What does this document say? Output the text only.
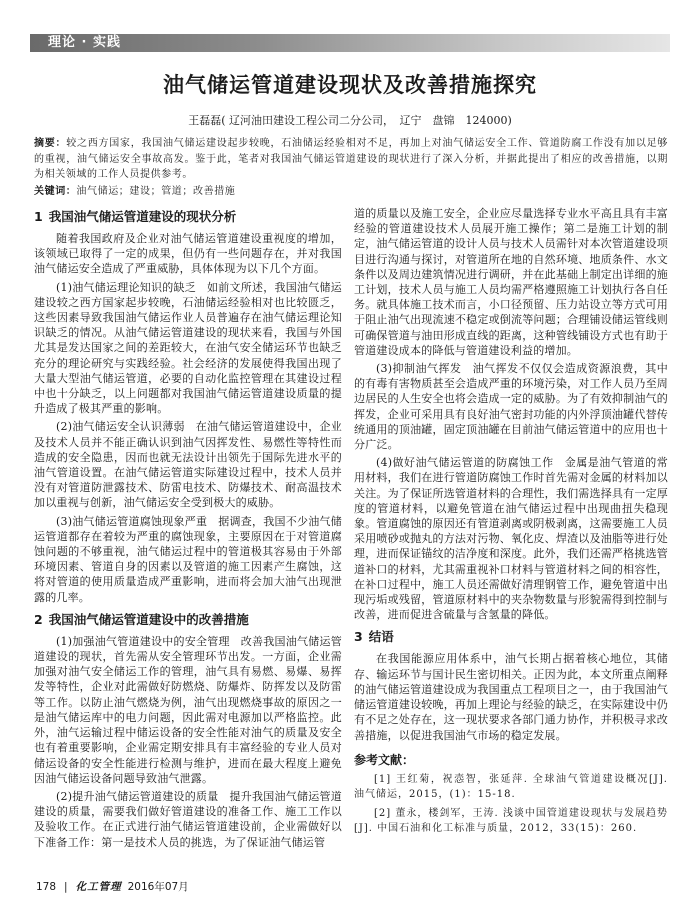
理论 · 实践
油气储运管道建设现状及改善措施探究
王磊磊( 辽河油田建设工程公司二分公司，　辽宁　盘锦　124000)

摘要：较之西方国家，我国油气储运建设起步较晚，石油储运经验相对不足，再加上对油气储运安全工作、管道防腐工作没有加以足够的重视，油气储运安全事故高发。鉴于此，笔者对我国油气储运管道建设的现状进行了深入分析，并据此提出了相应的改善措施，以期为相关领域的工作人员提供参考。

关键词：油气储运；建设；管道；改善措施

1 我国油气储运管道建设的现状分析

随着我国政府及企业对油气储运管道建设重视度的增加，该领域已取得了一定的成果，但仍有一些问题存在，并对我国油气储运安全造成了严重威胁，具体体现为以下几个方面。

(1)油气储运理论知识的缺乏 如前文所述，我国油气储运建设较之西方国家起步较晚，石油储运经验相对也比较匮乏，这些因素导致我国油气储运作业人员普遍存在油气储运理论知识缺乏的情况。从油气储运管道建设的现状来看，我国与外国尤其是发达国家之间的差距较大，在油气安全储运环节也缺乏充分的理论研究与实践经验。社会经济的发展使得我国出现了大量大型油气储运管道，必要的自动化监控管理在其建设过程中也十分缺乏，以上问题都对我国油气储运管道建设质量的提升造成了极其严重的影响。

(2)油气储运安全认识薄弱 在油气储运管道建设中，企业及技术人员并不能正确认识到油气因挥发性、易燃性等特性而造成的安全隐患，因而也就无法设计出领先于国际先进水平的油气管道设置。在油气储运管道实际建设过程中，技术人员并没有对管道防泄露技术、防雷电技术、防爆技术、耐高温技术加以重视与创新，油气储运安全受到极大的威胁。

(3)油气储运管道腐蚀现象严重 据调查，我国不少油气储运管道都存在着较为严重的腐蚀现象，主要原因在于对管道腐蚀问题的不够重视，油气储运过程中的管道极其容易由于外部环境因素、管道自身的因素以及管道的施工因素产生腐蚀，这将对管道的使用质量造成严重影响，进而将会加大油气出现泄露的几率。

2 我国油气储运管道建设中的改善措施

(1)加强油气管道建设中的安全管理 改善我国油气储运管道建设的现状，首先需从安全管理环节出发。一方面，企业需加强对油气安全储运工作的管理，油气具有易燃、易爆、易挥发等特性，企业对此需做好防燃烧、防爆炸、防挥发以及防雷等工作。以防止油气燃烧为例，油气出现燃烧事故的原因之一是油气储运库中的电力问题，因此需对电源加以严格监控。此外，油气运输过程中储运设备的安全性能对油气的质量及安全也有着重要影响，企业需定期安排具有丰富经验的专业人员对储运设备的安全性能进行检测与维护，进而在最大程度上避免因油气储运设备问题导致油气泄露。

(2)提升油气储运管道建设的质量 提升我国油气储运管道建设的质量，需要我们做好管道建设的准备工作、施工工作以及验收工作。在正式进行油气储运管道建设前，企业需做好以下准备工作：第一是技术人员的挑选，为了保证油气储运管

道的质量以及施工安全，企业应尽量选择专业水平高且具有丰富经验的管道建设技术人员展开施工操作；第二是施工计划的制定，油气储运管道的设计人员与技术人员需针对本次管道建设项目进行沟通与探讨，对管道所在地的自然环境、地质条件、水文条件以及周边建筑情况进行调研，并在此基础上制定出详细的施工计划，技术人员与施工人员均需严格遵照施工计划执行各自任务。就具体施工技术而言，小口径预留、压力站设立等方式可用于阻止油气出现流速不稳定或倒流等问题；合理铺设储运管线则可确保管道与油田形成直线的距离，这种管线铺设方式也有助于管道建设成本的降低与管道建设利益的增加。

(3)抑制油气挥发 油气挥发不仅仅会造成资源浪费，其中的有毒有害物质甚至会造成严重的环境污染，对工作人员乃至周边居民的人生安全也将会造成一定的威胁。为了有效抑制油气的挥发，企业可采用具有良好油气密封功能的内外浮顶油罐代替传统通用的顶油罐，固定顶油罐在目前油气储运管道中的应用也十分广泛。

(4)做好油气储运管道的防腐蚀工作 金属是油气管道的常用材料，我们在进行管道防腐蚀工作时首先需对金属的材料加以关注。为了保证所选管道材料的合理性，我们需选择具有一定厚度的管道材料，以避免管道在油气储运过程中出现曲扭失稳现象。管道腐蚀的原因还有管道剥离或阴极剥离，这需要施工人员采用喷砂或抛丸的方法对污物、氧化皮、焊渣以及油脂等进行处理，进而保证锚纹的洁净度和深度。此外，我们还需严格挑选管道补口的材料，尤其需重视补口材料与管道材料之间的相容性，在补口过程中，施工人员还需做好清理钢管工作，避免管道中出现污垢或残留，管道原材料中的夹杂物数量与形貌需得到控制与改善，进而促进含硫量与含氢量的降低。

3 结语

在我国能源应用体系中，油气长期占据着核心地位，其储存、输运环节与国计民生密切相关。正因为此，本文所重点阐释的油气储运管道建设成为我国重点工程项目之一，由于我国油气储运管道建设较晚，再加上理论与经验的缺乏，在实际建设中仍有不足之处存在，这一现状要求各部门通力协作，并积极寻求改善措施，以促进我国油气市场的稳定发展。

参考文献：

[1] 王红菊，祝悫智，张延萍. 全球油气管道建设概况[J]. 油气储运，2015，(1)：15-18.

[2] 董永，楼剑军，王涛. 浅谈中国管道建设现状与发展趋势[J]. 中国石油和化工标准与质量，2012，33(15)：260.

178 | 化工管理 2016年07月
